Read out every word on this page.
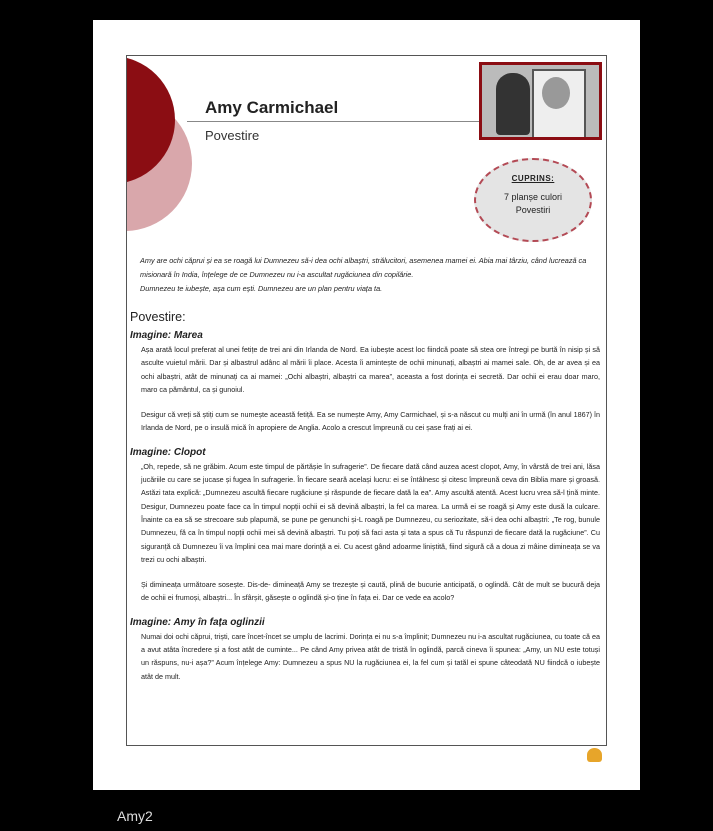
Amy Carmichael
Povestire
CUPRINS:
7 planșe culori
Povestiri
Amy are ochi căprui și ea se roagă lui Dumnezeu să-i dea ochi albaștri, strălucitori, asemenea mamei ei. Abia mai târziu, când lucrează ca misionară în India, înțelege de ce Dumnezeu nu i-a ascultat rugăciunea din copilărie.
Dumnezeu te iubește, așa cum ești. Dumnezeu are un plan pentru viața ta.
Povestire:
Imagine: Marea
Așa arată locul preferat al unei fetițe de trei ani din Irlanda de Nord. Ea iubește acest loc fiindcă poate să stea ore întregi pe burtă în nisip și să asculte vuietul mării. Dar și albastrul adânc al mării îi place. Acesta îi amintește de ochii minunați, albaștri ai mamei sale. Oh, de ar avea și ea ochi albaștri, atât de minunați ca ai mamei: „Ochi albaștri, albaștri ca marea”, aceasta a fost dorința ei secretă. Dar ochii ei erau doar maro, maro ca pământul, ca și gunoiul.
Desigur că vreți să știți cum se numește această fetiță. Ea se numește Amy, Amy Carmichael, și s-a născut cu mulți ani în urmă (în anul 1867) în Irlanda de Nord, pe o insulă mică în apropiere de Anglia. Acolo a crescut împreună cu cei șase frați ai ei.
Imagine: Clopot
„Oh, repede, să ne grăbim. Acum este timpul de părtășie în sufragerie”. De fiecare dată când auzea acest clopot, Amy, în vârstă de trei ani, lăsa jucăriile cu care se jucase și fugea în sufragerie. În fiecare seară același lucru: ei se întâlnesc și citesc împreună ceva din Biblia mare și groasă. Astăzi tata explică: „Dumnezeu ascultă fiecare rugăciune și răspunde de fiecare dată la ea”. Amy ascultă atentă. Acest lucru vrea să-l țină minte. Desigur, Dumnezeu poate face ca în timpul nopții ochii ei să devină albaștri, la fel ca marea. La urmă ei se roagă și Amy este dusă la culcare. Înainte ca ea să se strecoare sub plapumă, se pune pe genunchi și-L roagă pe Dumnezeu, cu seriozitate, să-i dea ochi albaștri: „Te rog, bunule Dumnezeu, fă ca în timpul nopții ochii mei să devină albaștri. Tu poți să faci asta și tata a spus că Tu răspunzi de fiecare dată la rugăciune”. Cu siguranță că Dumnezeu îi va împlini cea mai mare dorință a ei. Cu acest gând adoarme liniștită, fiind sigură că a doua zi mâine dimineața se va trezi cu ochi albaștri.
Și dimineața următoare sosește. Dis-de- dimineață Amy se trezește și caută, plină de bucurie anticipată, o oglindă. Cât de mult se bucură deja de ochii ei frumoși, albaștri... În sfârșit, găsește o oglindă și-o ține în fața ei. Dar ce vede ea acolo?
Imagine: Amy în fața oglinzii
Numai doi ochi căprui, triști, care încet-încet se umplu de lacrimi. Dorința ei nu s-a împlinit; Dumnezeu nu i-a ascultat rugăciunea, cu toate că ea a avut atâta încredere și a fost atât de cuminte... Pe când Amy privea atât de tristă în oglindă, parcă cineva îi spunea: „Amy, un NU este totuși un răspuns, nu-i așa?” Acum înțelege Amy: Dumnezeu a spus NU la rugăciunea ei, la fel cum și tatăl ei spune câteodată NU fiindcă o iubește atât de mult.
Amy2
